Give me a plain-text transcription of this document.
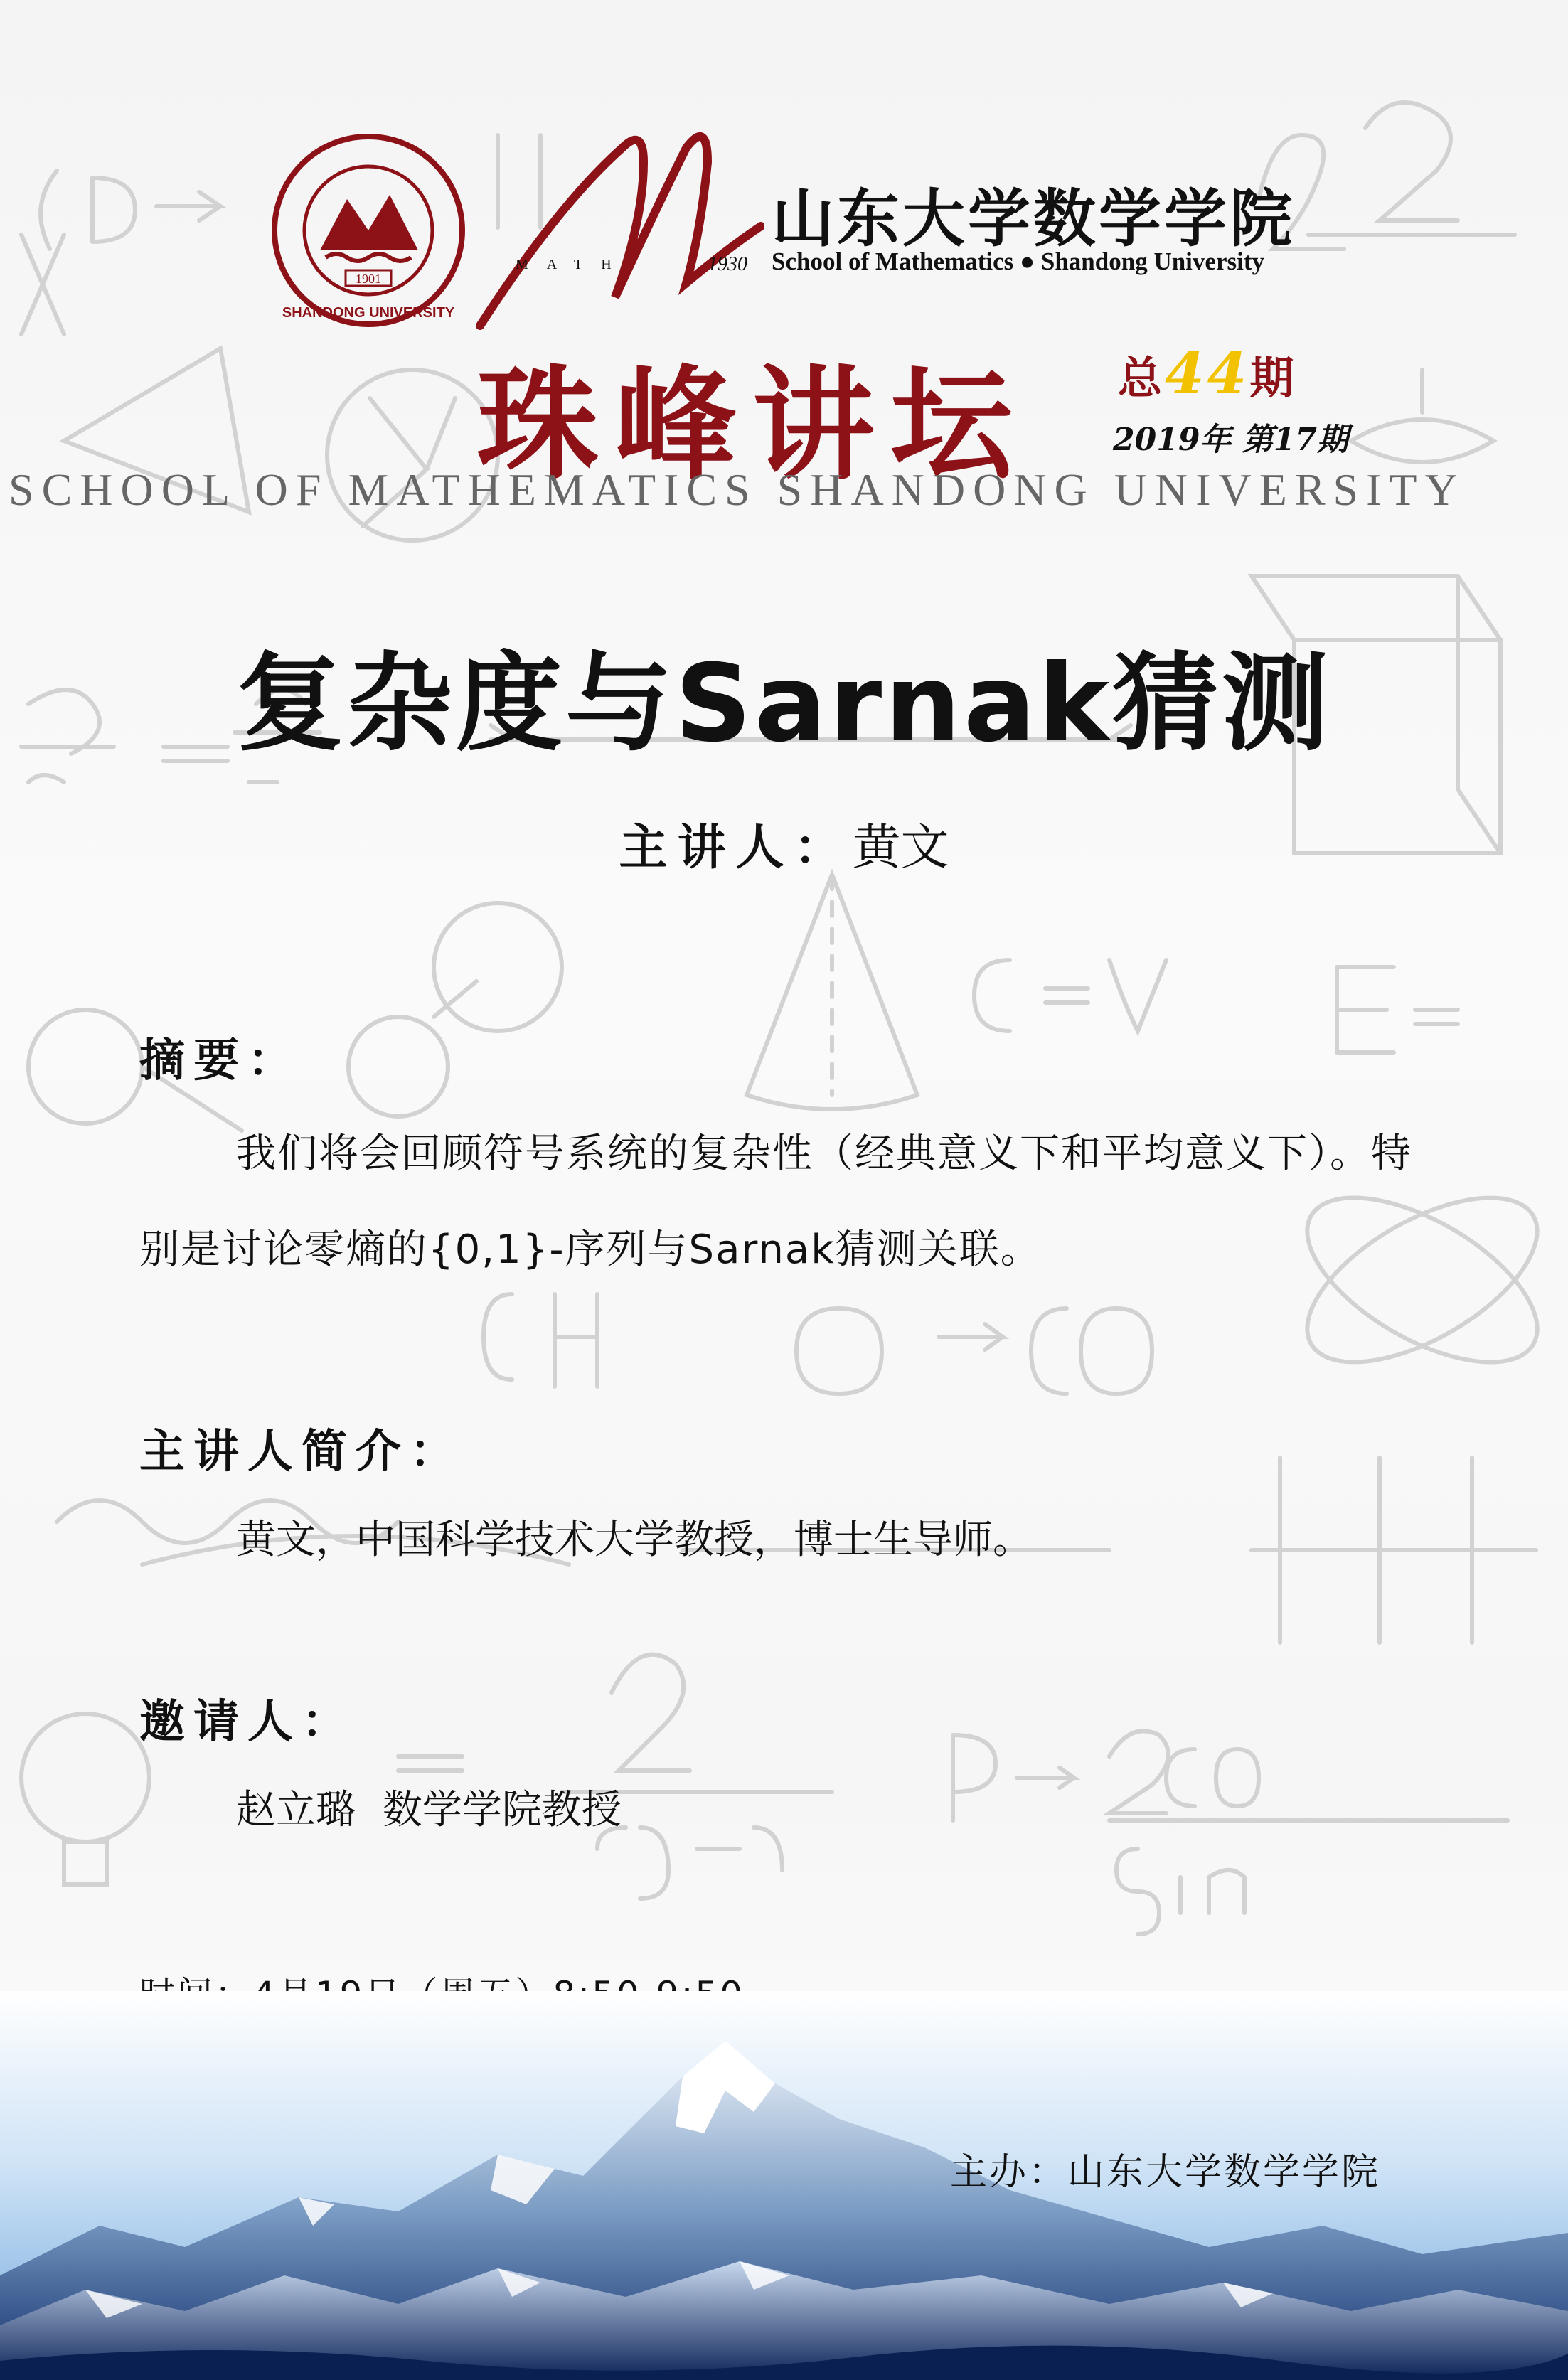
1901
SHANDONG UNIVERSITY
MATH	1930
山东大学数学学院
School of Mathematics ● Shandong University
珠峰讲坛 总44期
2019年 第17期
SCHOOL OF MATHEMATICS SHANDONG UNIVERSITY
复杂度与Sarnak猜测
主讲人：黄文
摘要：
我们将会回顾符号系统的复杂性（经典意义下和平均意义下）。特别是讨论零熵的{0,1}-序列与Sarnak猜测关联。
主讲人简介：
黄文，中国科学技术大学教授，博士生导师。
邀请人：
赵立璐 数学学院教授
主办：山东大学数学学院
